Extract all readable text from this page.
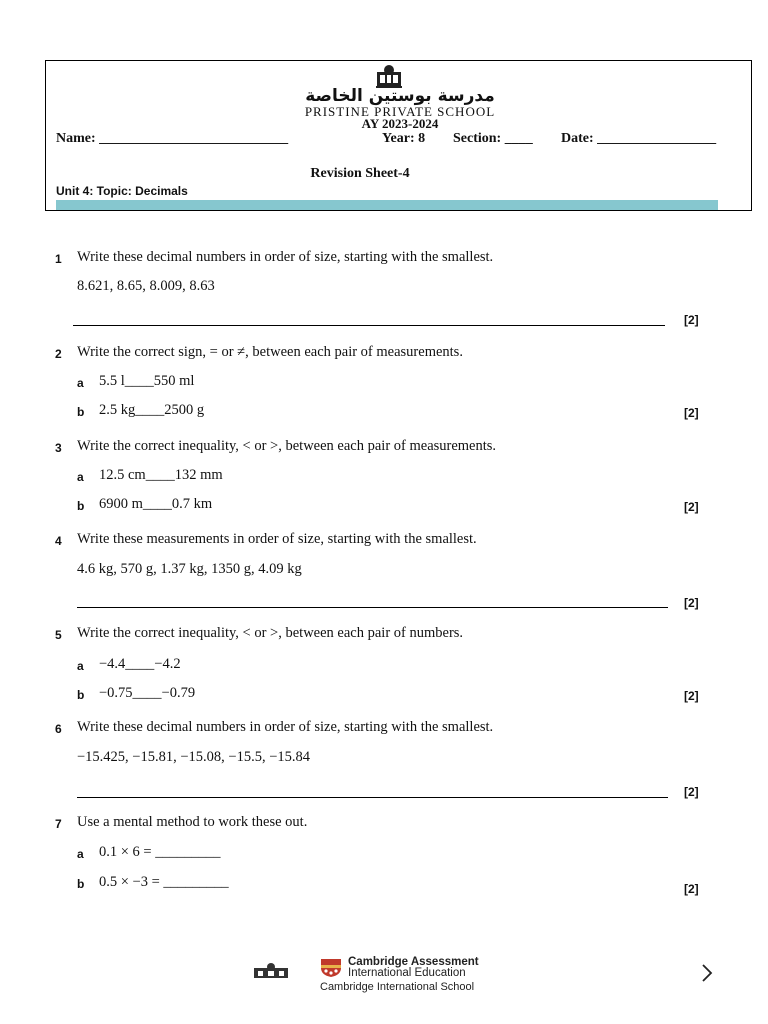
مدرسة بوستين الخاصة
PRISTINE PRIVATE SCHOOL
AY 2023-2024
Name: ___________________________	Year: 8 Section: ____ Date: _________________
Revision Sheet-4
Unit 4: Topic: Decimals
1 Write these decimal numbers in order of size, starting with the smallest.
8.621, 8.65, 8.009, 8.63
[2]
2 Write the correct sign, = or ≠, between each pair of measurements.
a 5.5 l____550 ml
b 2.5 kg____2500 g	[2]
3 Write the correct inequality, < or >, between each pair of measurements.
a 12.5 cm____132 mm
b 6900 m____0.7 km	[2]
4 Write these measurements in order of size, starting with the smallest.
4.6 kg, 570 g, 1.37 kg, 1350 g, 4.09 kg
[2]
5 Write the correct inequality, < or >, between each pair of numbers.
a −4.4____−4.2
b −0.75____−0.79	[2]
6 Write these decimal numbers in order of size, starting with the smallest.
−15.425, −15.81, −15.08, −15.5, −15.84
[2]
7 Use a mental method to work these out.
a 0.1 × 6 = _________
b 0.5 × −3 = _________	[2]
Cambridge Assessment
International Education
Cambridge International School
